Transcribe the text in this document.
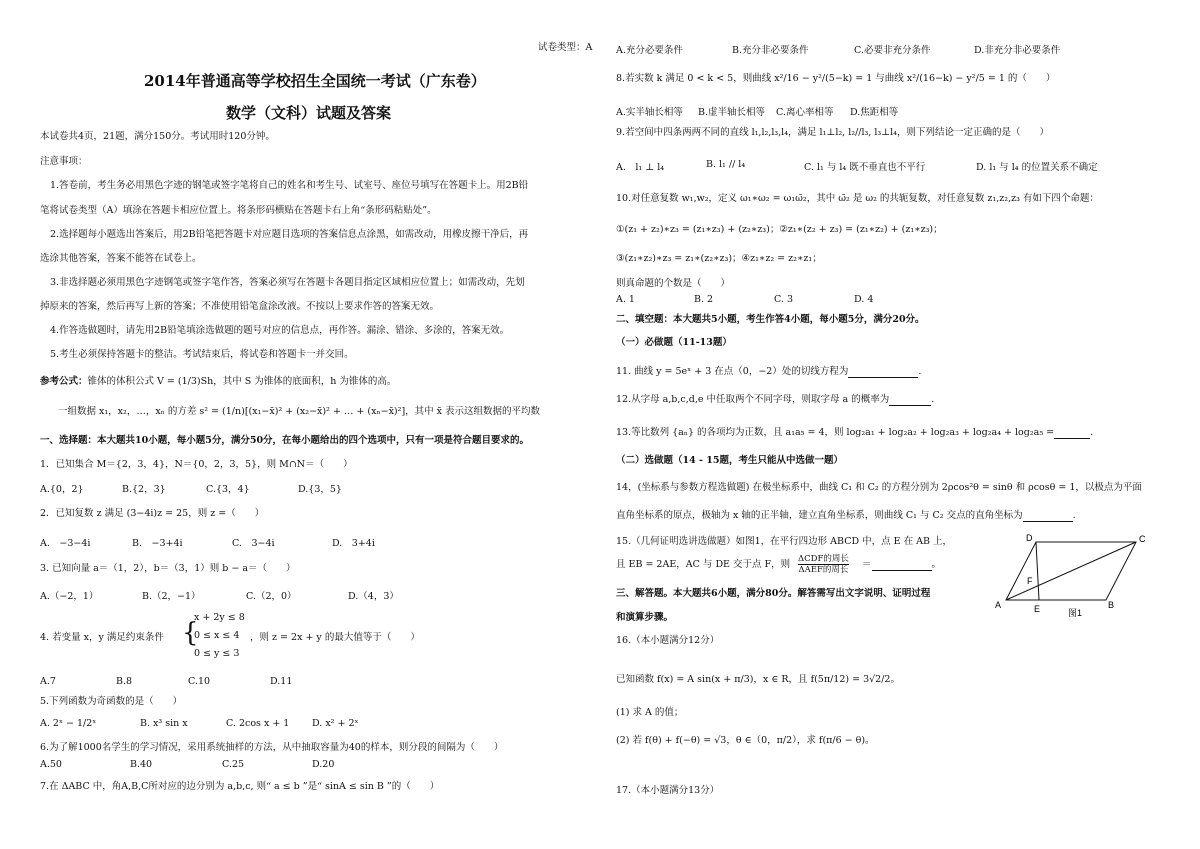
试卷类型：A
2014年普通高等学校招生全国统一考试（广东卷）
数学（文科）试题及答案
本试卷共4页，21题，满分150分。考试用时120分钟。
注意事项：
1.答卷前，考生务必用黑色字迹的钢笔或签字笔将自己的姓名和考生号、试室号、座位号填写在答题卡上。用2B铅
笔将试卷类型（A）填涂在答题卡相应位置上。将条形码横贴在答题卡右上角“条形码粘贴处”。
2.选择题每小题选出答案后，用2B铅笔把答题卡对应题目选项的答案信息点涂黑，如需改动，用橡皮擦干净后，再
选涂其他答案，答案不能答在试卷上。
3.非选择题必须用黑色字迹钢笔或签字笔作答，答案必须写在答题卡各题目指定区域相应位置上；如需改动，先划
掉原来的答案，然后再写上新的答案；不准使用铅笔盒涂改液。不按以上要求作答的答案无效。
4.作答选做题时，请先用2B铅笔填涂选做题的题号对应的信息点，再作答。漏涂、错涂、多涂的，答案无效。
5.考生必须保持答题卡的整洁。考试结束后，将试卷和答题卡一并交回。
参考公式：锥体的体积公式 V = (1/3)Sh，其中 S 为锥体的底面积，h 为锥体的高。
一组数据 x₁，x₂，…，xₙ 的方差 s² = (1/n)[(x₁−x̄)² + (x₂−x̄)² + … + (xₙ−x̄)²]，其中 x̄ 表示这组数据的平均数
一、选择题：本大题共10小题，每小题5分，满分50分，在每小题给出的四个选项中，只有一项是符合题目要求的。
1．已知集合 M＝{2，3，4}，N＝{0，2，3，5}，则 M∩N＝（　　）
A.{0，2}	B.{2，3}	C.{3，4}	D.{3，5}
2．已知复数 z 满足 (3−4i)z = 25，则 z =（　　）
A.　−3−4i	B.　−3+4i	C.　3−4i	D.　3+4i
3. 已知向量 a＝（1，2），b＝（3，1）则 b − a＝（　　）
A.（−2，1）	B.（2，−1）	C.（2，0）	D.（4，3）
4. 若变量 x，y 满足约束条件 {
x + 2y ≤ 8
0 ≤ x ≤ 4
0 ≤ y ≤ 3
，则 z = 2x + y 的最大值等于（　　）
A.7	B.8	C.10	D.11
5.下列函数为奇函数的是（　　）
A. 2ˣ − 1/2ˣ	B. x³ sin x	C. 2cos x + 1 D. x² + 2ˣ
6.为了解1000名学生的学习情况，采用系统抽样的方法，从中抽取容量为40的样本，则分段的间隔为（　　）
A.50	B.40	C.25	D.20
7.在 ΔABC 中，角A,B,C所对应的边分别为 a,b,c, 则“ a ≤ b ”是“ sinA ≤ sin B ”的（　　）
A.充分必要条件	B.充分非必要条件	C.必要非充分条件	D.非充分非必要条件
8.若实数 k 满足 0 < k < 5，则曲线 x²/16 − y²/(5−k) = 1 与曲线 x²/(16−k) − y²/5 = 1 的（　　）
A.实半轴长相等 B.虚半轴长相等 C.离心率相等 D.焦距相等
9.若空间中四条两两不同的直线 l₁,l₂,l₃,l₄，满足 l₁⊥l₂, l₂//l₃, l₃⊥l₄，则下列结论一定正确的是（　　）
A.　l₁ ⊥ l₄	B. l₁ // l₄	C. l₁ 与 l₄ 既不垂直也不平行	D. l₁ 与 l₄ 的位置关系不确定
10.对任意复数 w₁,w₂，定义 ω₁∗ω₂ = ω₁ω̄₂，其中 ω̄₂ 是 ω₂ 的共轭复数，对任意复数 z₁,z₂,z₃ 有如下四个命题：
①(z₁ + z₂)∗z₃ = (z₁∗z₃) + (z₂∗z₃)；②z₁∗(z₂ + z₃) = (z₁∗z₂) + (z₁∗z₃)；
③(z₁∗z₂)∗z₃ = z₁∗(z₂∗z₃)；④z₁∗z₂ = z₂∗z₁；
则真命题的个数是（　　）
A. 1	B. 2	C. 3	D. 4
二、填空题：本大题共5小题，考生作答4小题，每小题5分，满分20分。
（一）必做题（11-13题）
11. 曲线 y = 5eˣ + 3 在点（0，−2）处的切线方程为	.
12.从字母 a,b,c,d,e 中任取两个不同字母，则取字母 a 的概率为	.
13.等比数列 {aₙ} 的各项均为正数，且 a₁a₅ = 4，则 log₂a₁ + log₂a₂ + log₂a₃ + log₂a₄ + log₂a₅ =	.
（二）选做题（14 - 15题，考生只能从中选做一题）
14，(坐标系与参数方程选做题) 在极坐标系中，曲线 C₁ 和 C₂ 的方程分别为 2ρcos²θ = sinθ 和 ρcosθ = 1，以极点为平面
直角坐标系的原点，极轴为 x 轴的正半轴，建立直角坐标系，则曲线 C₁ 与 C₂ 交点的直角坐标为	.
15.（几何证明选讲选做题）如图1，在平行四边形 ABCD 中，点 E 在 AB 上，
且 EB = 2AE，AC 与 DE 交于点 F，则 ΔCDF的周长
ΔAEF的周长 ＝	。
三、解答题。本大题共6小题，满分80分。解答需写出文字说明、证明过程
和演算步骤。
16.（本小题满分12分）
已知函数 f(x) = A sin(x + π/3)，x ∈ R，且 f(5π/12) = 3√2/2。
(1) 求 A 的值；
(2) 若 f(θ) + f(−θ) = √3，θ ∈（0，π/2），求 f(π/6 − θ)。
17.（本小题满分13分）
D	C
A	B
E
F
图1
